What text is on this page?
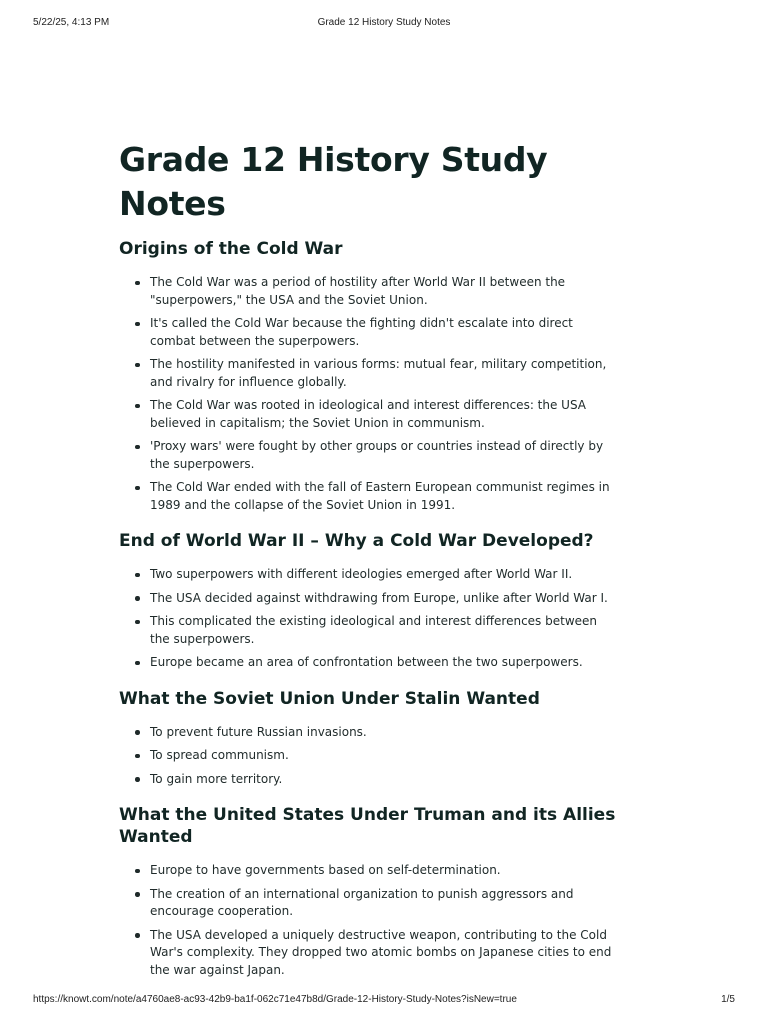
5/22/25, 4:13 PM	Grade 12 History Study Notes
Grade 12 History Study Notes
Origins of the Cold War
The Cold War was a period of hostility after World War II between the "superpowers," the USA and the Soviet Union.
It's called the Cold War because the fighting didn't escalate into direct combat between the superpowers.
The hostility manifested in various forms: mutual fear, military competition, and rivalry for influence globally.
The Cold War was rooted in ideological and interest differences: the USA believed in capitalism; the Soviet Union in communism.
'Proxy wars' were fought by other groups or countries instead of directly by the superpowers.
The Cold War ended with the fall of Eastern European communist regimes in 1989 and the collapse of the Soviet Union in 1991.
End of World War II – Why a Cold War Developed?
Two superpowers with different ideologies emerged after World War II.
The USA decided against withdrawing from Europe, unlike after World War I.
This complicated the existing ideological and interest differences between the superpowers.
Europe became an area of confrontation between the two superpowers.
What the Soviet Union Under Stalin Wanted
To prevent future Russian invasions.
To spread communism.
To gain more territory.
What the United States Under Truman and its Allies Wanted
Europe to have governments based on self-determination.
The creation of an international organization to punish aggressors and encourage cooperation.
The USA developed a uniquely destructive weapon, contributing to the Cold War's complexity. They dropped two atomic bombs on Japanese cities to end the war against Japan.
https://knowt.com/note/a4760ae8-ac93-42b9-ba1f-062c71e47b8d/Grade-12-History-Study-Notes?isNew=true	1/5
